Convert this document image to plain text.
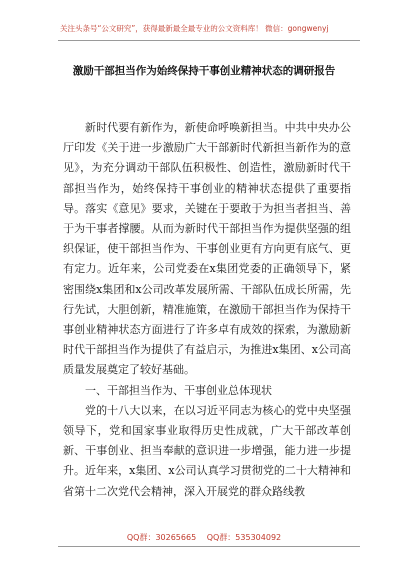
关注头条号“公文研究”，获得最新最全最专业的公文资料库！ 微信：gongwenyj
激励干部担当作为始终保持干事创业精神状态的调研报告

新时代要有新作为，新使命呼唤新担当。中共中央办公厅印发《关于进一步激励广大干部新时代新担当新作为的意见》，为充分调动干部队伍积极性、创造性，激励新时代干部担当作为，始终保持干事创业的精神状态提供了重要指导。落实《意见》要求，关键在于要敢于为担当者担当、善于为干事者撑腰。从而为新时代干部担当作为提供坚强的组织保证，使干部担当作为、干事创业更有方向更有底气、更有定力。近年来，公司党委在x集团党委的正确领导下，紧密围绕x集团和x公司改革发展所需、干部队伍成长所需，先行先试，大胆创新，精准施策，在激励干部担当作为保持干事创业精神状态方面进行了许多卓有成效的探索，为激励新时代干部担当作为提供了有益启示，为推进x集团、x公司高质量发展奠定了较好基础。

一、干部担当作为、干事创业总体现状

党的十八大以来，在以习近平同志为核心的党中央坚强领导下，党和国家事业取得历史性成就，广大干部改革创新、干事创业、担当奉献的意识进一步增强，能力进一步提升。近年来，x集团、x公司认真学习贯彻党的二十大精神和省第十二次党代会精神，深入开展党的群众路线教

QQ群：30265665 QQ群：535304092
